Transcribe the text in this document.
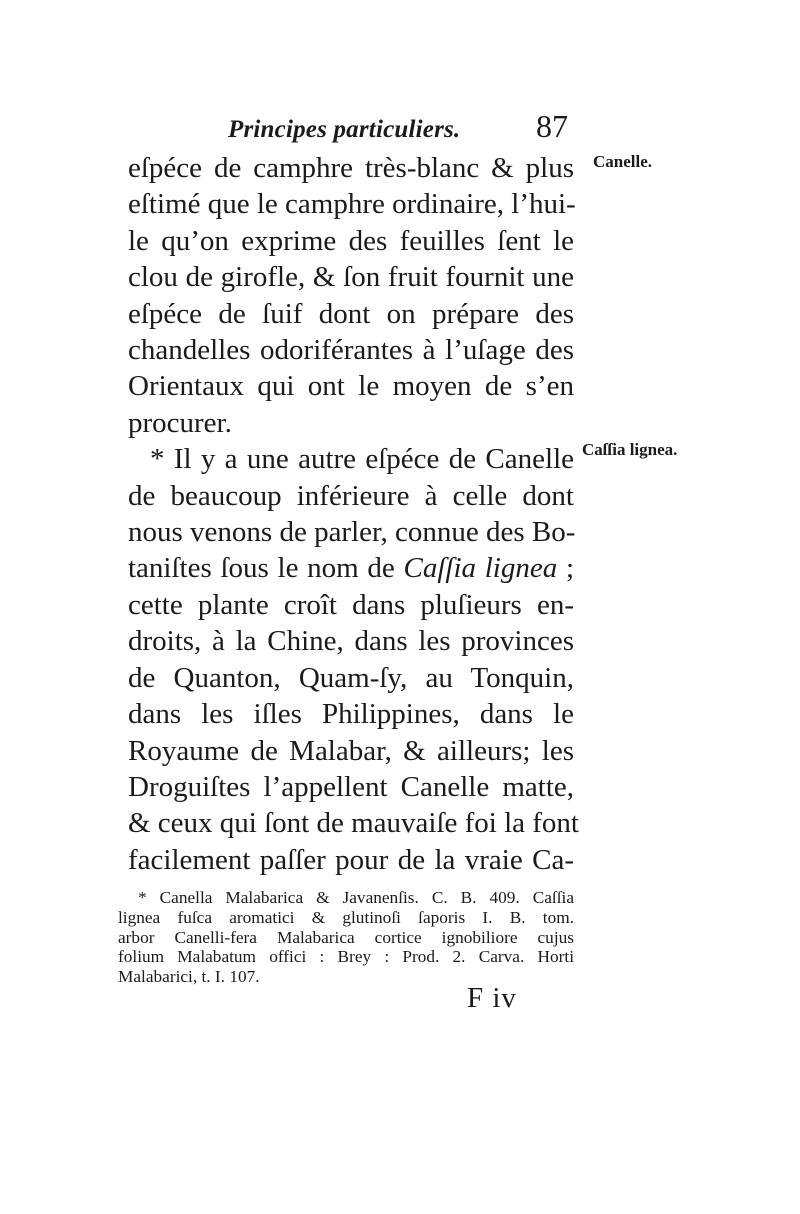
Principes particuliers. 87
Canelle.
Caſſia lignea.
eſpéce de camphre très-blanc & plus
eſtimé que le camphre ordinaire, l’hui-
le qu’on exprime des feuilles ſent le
clou de girofle, & ſon fruit fournit une
eſpéce de ſuif dont on prépare des
chandelles odoriférantes à l’uſage des
Orientaux qui ont le moyen de s’en
procurer.
* Il y a une autre eſpéce de Canelle
de beaucoup inférieure à celle dont
nous venons de parler, connue des Bo-
taniſtes ſous le nom de Caſſia lignea ;
cette plante croît dans pluſieurs en-
droits, à la Chine, dans les provinces
de Quanton, Quam-ſy, au Tonquin,
dans les iſles Philippines, dans le
Royaume de Malabar, & ailleurs; les
Droguiſtes l’appellent Canelle matte,
& ceux qui ſont de mauvaiſe foi la font
facilement paſſer pour de la vraie Ca-
* Canella Malabarica & Javanenſis. C. B. 409. Caſſia
lignea fuſca aromatici & glutinoſi ſaporis I. B. tom.
arbor Canelli-fera Malabarica cortice ignobiliore cujus
folium Malabatum offici : Brey : Prod. 2. Carva. Horti
Malabarici, t. I. 107.
F iv
